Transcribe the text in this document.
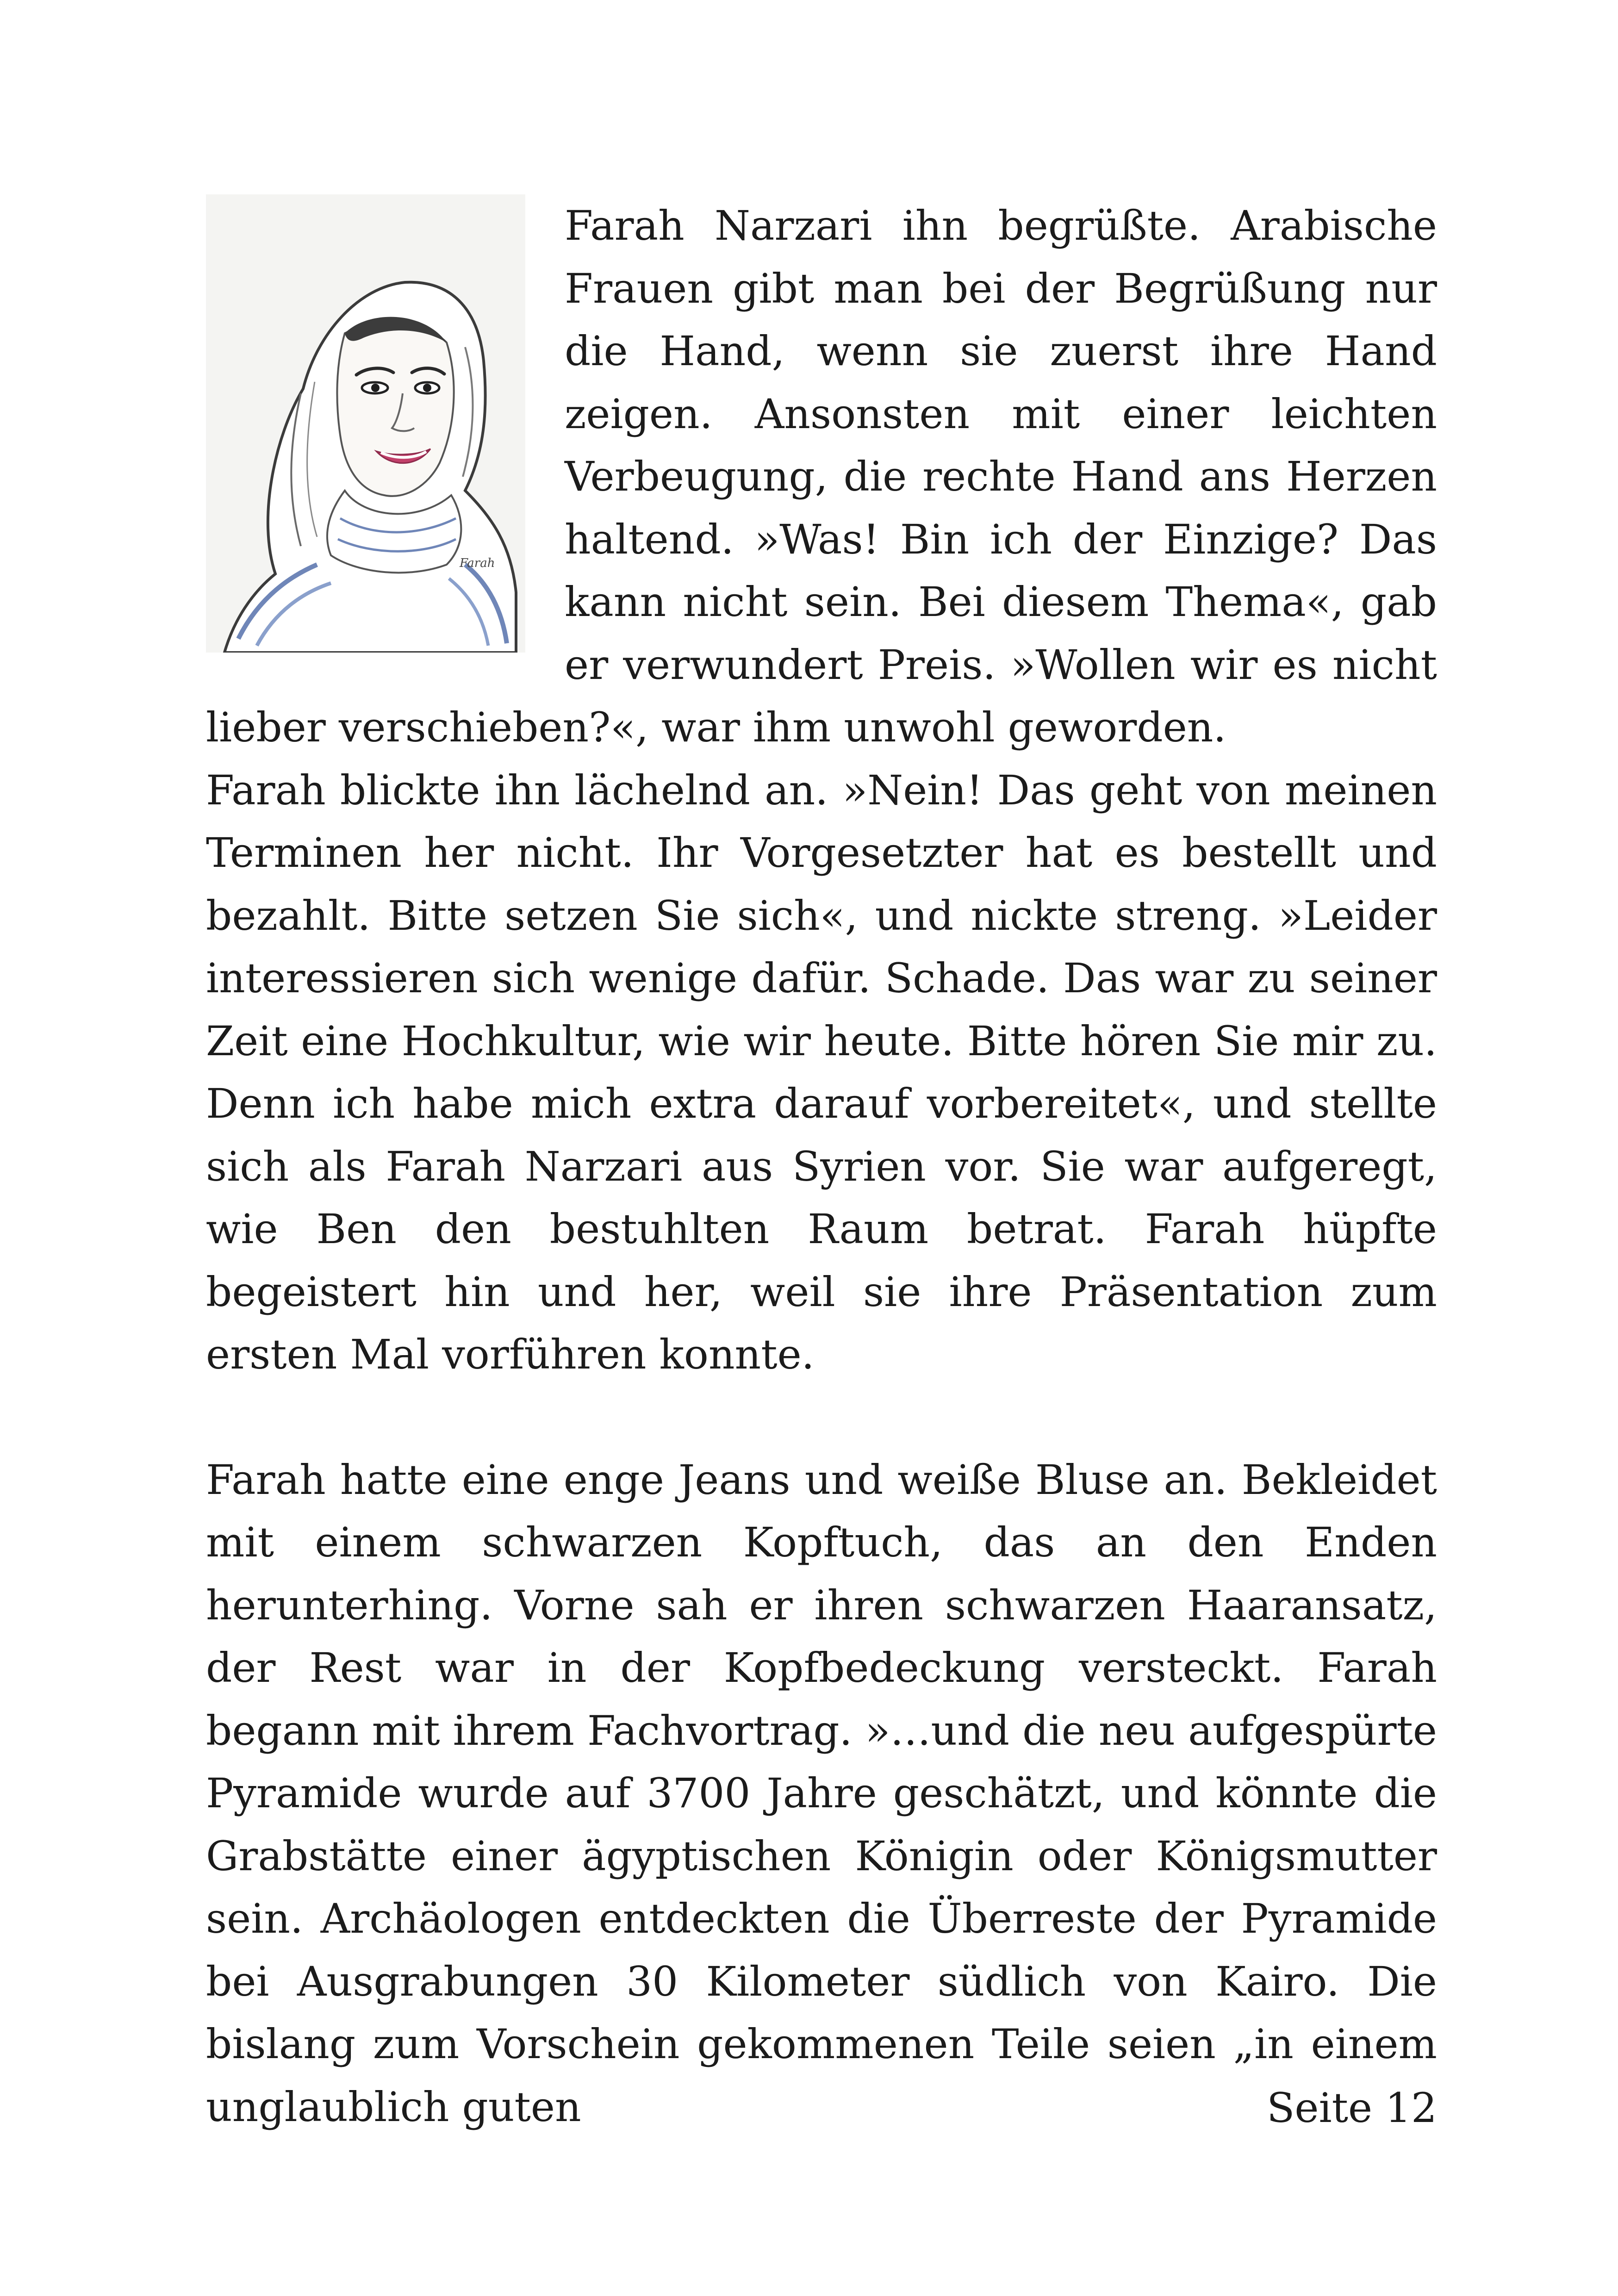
Farah

Farah Narzari ihn begrüßte. Arabische Frauen gibt man bei der Begrüßung nur die Hand, wenn sie zuerst ihre Hand zeigen. Ansonsten mit einer leichten Verbeugung, die rechte Hand ans Herzen haltend. »Was! Bin ich der Einzige? Das kann nicht sein. Bei diesem Thema«, gab er verwundert Preis. »Wollen wir es nicht lieber verschieben?«, war ihm unwohl geworden.

Farah blickte ihn lächelnd an. »Nein! Das geht von meinen Terminen her nicht. Ihr Vorgesetzter hat es bestellt und bezahlt. Bitte setzen Sie sich«, und nickte streng. »Leider interessieren sich wenige dafür. Schade. Das war zu seiner Zeit eine Hochkultur, wie wir heute. Bitte hören Sie mir zu. Denn ich habe mich extra darauf vorbereitet«, und stellte sich als Farah Narzari aus Syrien vor. Sie war aufgeregt, wie Ben den bestuhlten Raum betrat. Farah hüpfte begeistert hin und her, weil sie ihre Präsentation zum ersten Mal vorführen konnte.

Farah hatte eine enge Jeans und weiße Bluse an. Bekleidet mit einem schwarzen Kopftuch, das an den Enden herunterhing. Vorne sah er ihren schwarzen Haaransatz, der Rest war in der Kopfbedeckung versteckt. Farah begann mit ihrem Fachvortrag. »…und die neu aufgespürte Pyramide wurde auf 3700 Jahre geschätzt, und könnte die Grabstätte einer ägyptischen Königin oder Königsmutter sein. Archäologen entdeckten die Überreste der Pyramide bei Ausgrabungen 30 Kilometer südlich von Kairo. Die bislang zum Vorschein gekommenen Teile seien „in einem unglaublich guten	Seite 12
